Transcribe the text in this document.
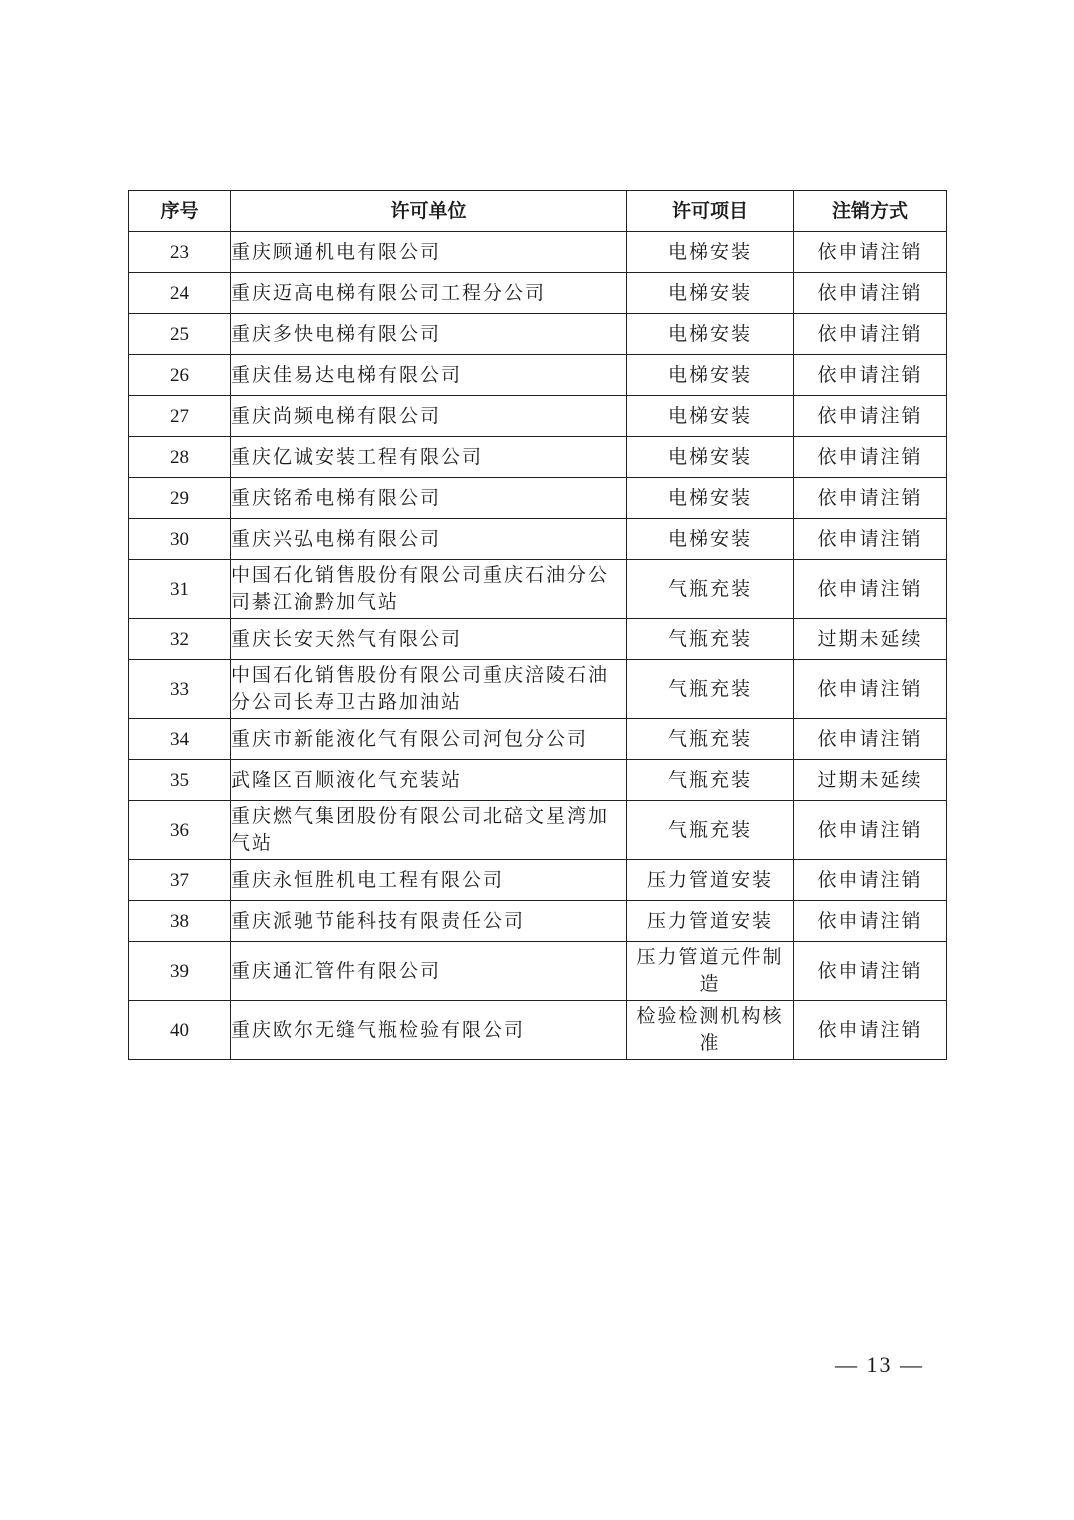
序号	许可单位	许可项目	注销方式
23	重庆顾通机电有限公司	电梯安装	依申请注销
24	重庆迈高电梯有限公司工程分公司	电梯安装	依申请注销
25	重庆多快电梯有限公司	电梯安装	依申请注销
26	重庆佳易达电梯有限公司	电梯安装	依申请注销
27	重庆尚频电梯有限公司	电梯安装	依申请注销
28	重庆亿诚安装工程有限公司	电梯安装	依申请注销
29	重庆铭希电梯有限公司	电梯安装	依申请注销
30	重庆兴弘电梯有限公司	电梯安装	依申请注销
31	中国石化销售股份有限公司重庆石油分公司綦江渝黔加气站	气瓶充装	依申请注销
32	重庆长安天然气有限公司	气瓶充装	过期未延续
33	中国石化销售股份有限公司重庆涪陵石油分公司长寿卫古路加油站	气瓶充装	依申请注销
34	重庆市新能液化气有限公司河包分公司	气瓶充装	依申请注销
35	武隆区百顺液化气充装站	气瓶充装	过期未延续
36	重庆燃气集团股份有限公司北碚文星湾加气站	气瓶充装	依申请注销
37	重庆永恒胜机电工程有限公司	压力管道安装	依申请注销
38	重庆派驰节能科技有限责任公司	压力管道安装	依申请注销
39	重庆通汇管件有限公司	压力管道元件制造	依申请注销
40	重庆欧尔无缝气瓶检验有限公司	检验检测机构核准	依申请注销
— 13 —
